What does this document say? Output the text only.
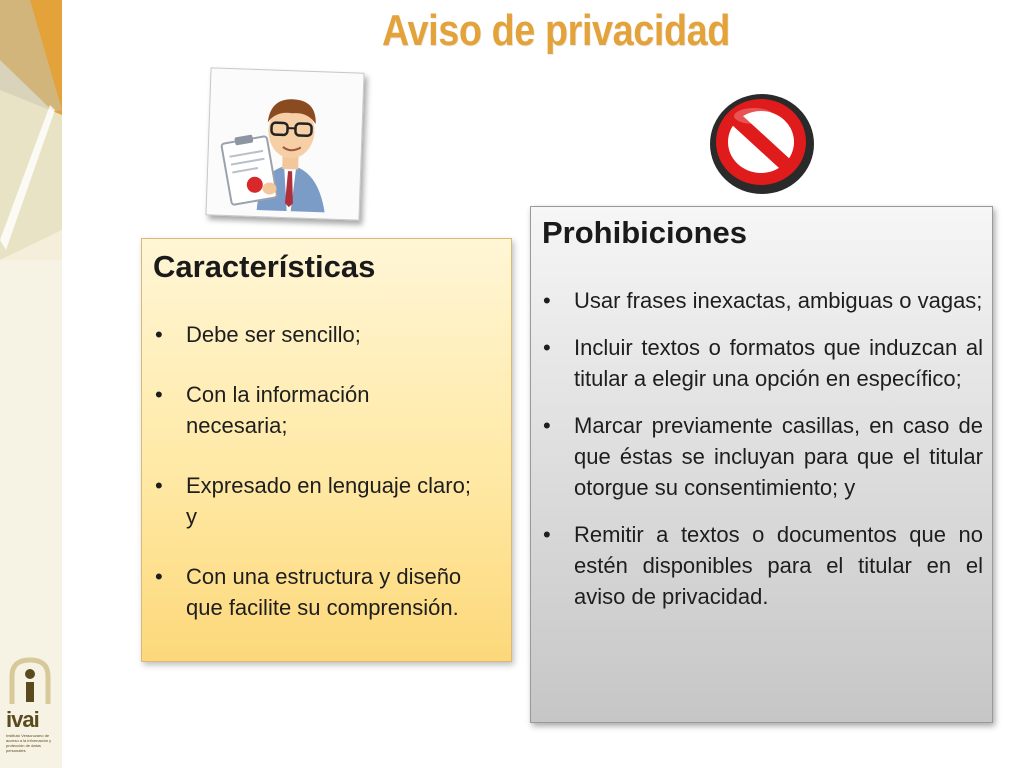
Aviso de privacidad
Características
• Debe ser sencillo;
• Con la información necesaria;
• Expresado en lenguaje claro; y
• Con una estructura y diseño que facilite su comprensión.
Prohibiciones
• Usar frases inexactas, ambiguas o vagas;
• Incluir textos o formatos que induzcan al titular a elegir una opción en específico;
• Marcar previamente casillas, en caso de que éstas se incluyan para que el titular otorgue su consentimiento; y
• Remitir a textos o documentos que no estén disponibles para el titular en el aviso de privacidad.
ivai
Instituto Veracruzano de acceso a la información y protección de datos personales
